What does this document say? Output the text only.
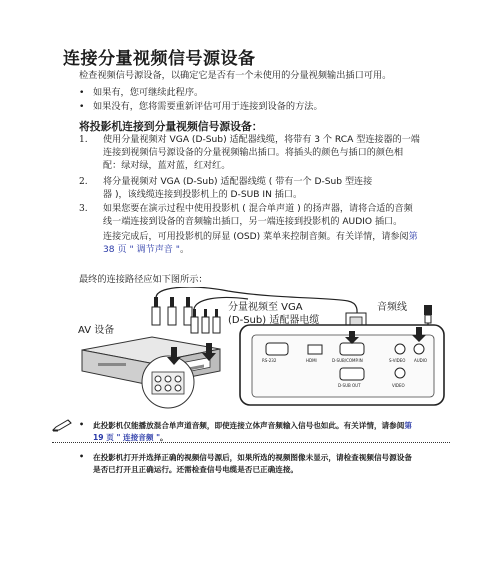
连接分量视频信号源设备
检查视频信号源设备，以确定它是否有一个未使用的分量视频输出插口可用。
• 如果有，您可继续此程序。
• 如果没有，您将需要重新评估可用于连接到设备的方法。
将投影机连接到分量视频信号源设备：
1. 使用分量视频对 VGA (D-Sub) 适配器线缆，将带有 3 个 RCA 型连接器的一端
连接到视频信号源设备的分量视频输出插口。将插头的颜色与插口的颜色相
配：绿对绿，蓝对蓝，红对红。
2. 将分量视频对 VGA (D-Sub) 适配器线缆 ( 带有一个 D-Sub 型连接
器 )，该线缆连接到投影机上的 D-SUB IN 插口。
3. 如果您要在演示过程中使用投影机 ( 混合单声道 ) 的扬声器，请将合适的音频
线一端连接到设备的音频输出插口，另一端连接到投影机的 AUDIO 插口。
连接完成后，可用投影机的屏显 (OSD) 菜单来控制音频。有关详情，请参阅第
38 页 " 调节声音 "。
最终的连接路径应如下图所示：
AV 设备
分量视频至 VGA
(D-Sub) 适配器电缆
音频线
RS-232	HDMI	D-SUB/COMP.IN	S-VIDEO AUDIO
D-SUB OUT	VIDEO
• 此投影机仅能播放混合单声道音频，即使连接立体声音频输入信号也如此。有关详情，请参阅第
19 页 " 连接音频 "。
• 在投影机打开并选择正确的视频信号源后，如果所选的视频图像未显示，请检查视频信号源设备
是否已打开且正确运行。还需检查信号电缆是否已正确连接。
